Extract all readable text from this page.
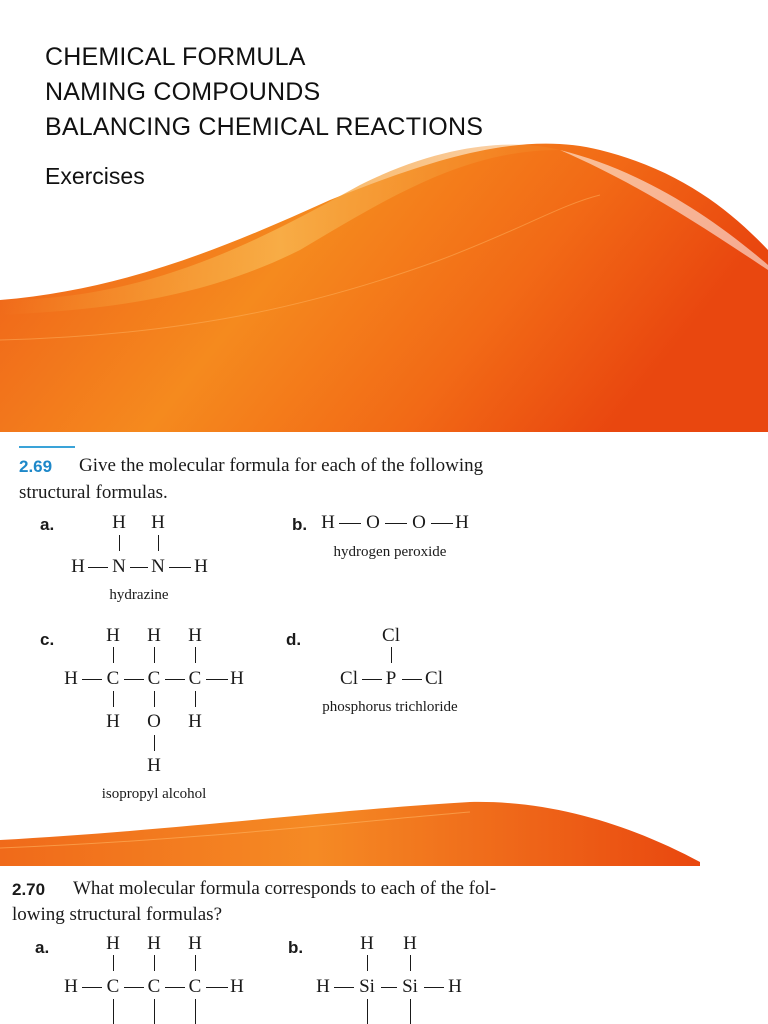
CHEMICAL FORMULA
NAMING COMPOUNDS
BALANCING CHEMICAL REACTIONS
Exercises
2.69 Give the molecular formula for each of the following
structural formulas.
a.	H H
H N N H
hydrazine
b. H O O H
hydrogen peroxide
c.	H H H
H C C C H
H O H
H
isopropyl alcohol
d.	Cl
Cl P Cl
phosphorus trichloride
2.70 What molecular formula corresponds to each of the fol-
lowing structural formulas?
a.	H H H
H C C C H
b.	H H
H Si Si H
